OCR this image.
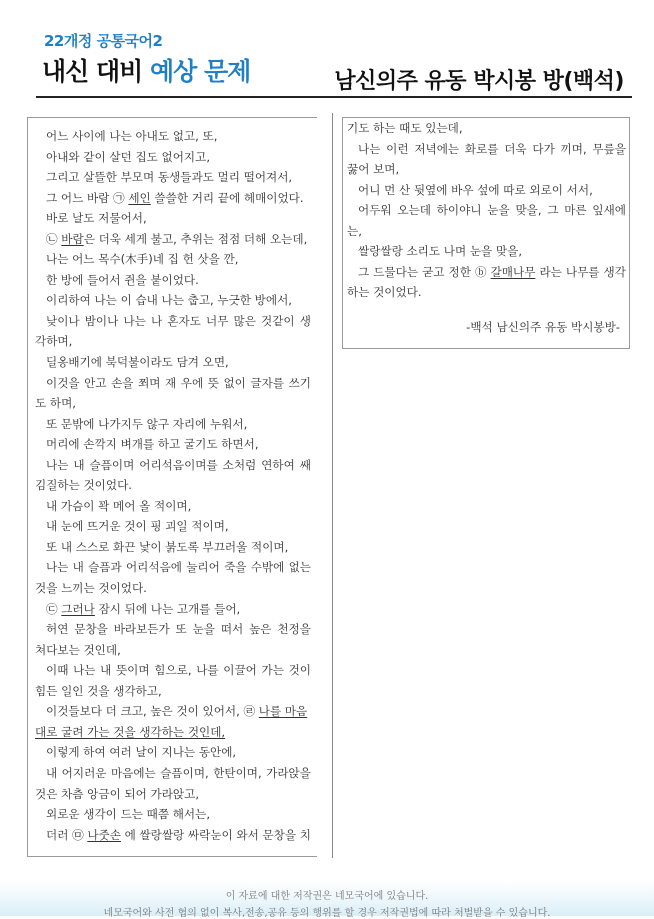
22개정 공통국어2
내신 대비 예상 문제	남신의주 유동 박시봉 방(백석)
어느 사이에 나는 아내도 없고, 또,
아내와 같이 살던 집도 없어지고,
그리고 살뜰한 부모며 동생들과도 멀리 떨어져서,
그 어느 바람 ㉠ 세인 쓸쓸한 거리 끝에 헤매이었다.
바로 날도 저물어서,
㉡ 바람은 더욱 세게 불고, 추위는 점점 더해 오는데,
나는 어느 목수(木手)네 집 헌 삿을 깐,
한 방에 들어서 쥔을 붙이었다.
이리하여 나는 이 습내 나는 춥고, 누긋한 방에서,
낮이나 밤이나 나는 나 혼자도 너무 많은 것같이 생
각하며,
딜옹배기에 북덕불이라도 담겨 오면,
이것을 안고 손을 쬐며 재 우에 뜻 없이 글자를 쓰기
도 하며,
또 문밖에 나가지두 않구 자리에 누워서,
머리에 손깍지 벼개를 하고 굴기도 하면서,
나는 내 슬픔이며 어리석음이며를 소처럼 연하여 쌔
김질하는 것이었다.
내 가슴이 꽉 메어 올 적이며,
내 눈에 뜨거운 것이 핑 괴일 적이며,
또 내 스스로 화끈 낯이 붉도록 부끄러울 적이며,
나는 내 슬픔과 어리석음에 눌리어 죽을 수밖에 없는
것을 느끼는 것이었다.
㉢ 그러나 잠시 뒤에 나는 고개를 들어,
허연 문창을 바라보든가 또 눈을 떠서 높은 천정을
쳐다보는 것인데,
이때 나는 내 뜻이며 힘으로, 나를 이끌어 가는 것이
힘든 일인 것을 생각하고,
이것들보다 더 크고, 높은 것이 있어서, ㉣ 나를 마음
대로 굴려 가는 것을 생각하는 것인데,
이렇게 하여 여러 날이 지나는 동안에,
내 어지러운 마음에는 슬픔이며, 한탄이며, 가라앉을
것은 차츰 앙금이 되어 가라앉고,
외로운 생각이 드는 때쯤 해서는,
더러 ㉤ 나줏손 에 쌀랑쌀랑 싸락눈이 와서 문창을 치
기도 하는 때도 있는데,
나는 이런 저녁에는 화로를 더욱 다가 끼며, 무릎을
꿇어 보며,
어니 먼 산 뒷옆에 바우 섶에 따로 외로이 서서,
어두워 오는데 하이야니 눈을 맞을, 그 마른 잎새에
는,
쌀랑쌀랑 소리도 나며 눈을 맞을,
그 드물다는 굳고 정한 ⓑ 갈매나무 라는 나무를 생각
하는 것이었다.
-백석 남신의주 유동 박시봉방-
이 자료에 대한 저작권은 네모국어에 있습니다.
네모국어와 사전 협의 없이 복사,전송,공유 등의 행위를 할 경우 저작권법에 따라 처벌받을 수 있습니다.
